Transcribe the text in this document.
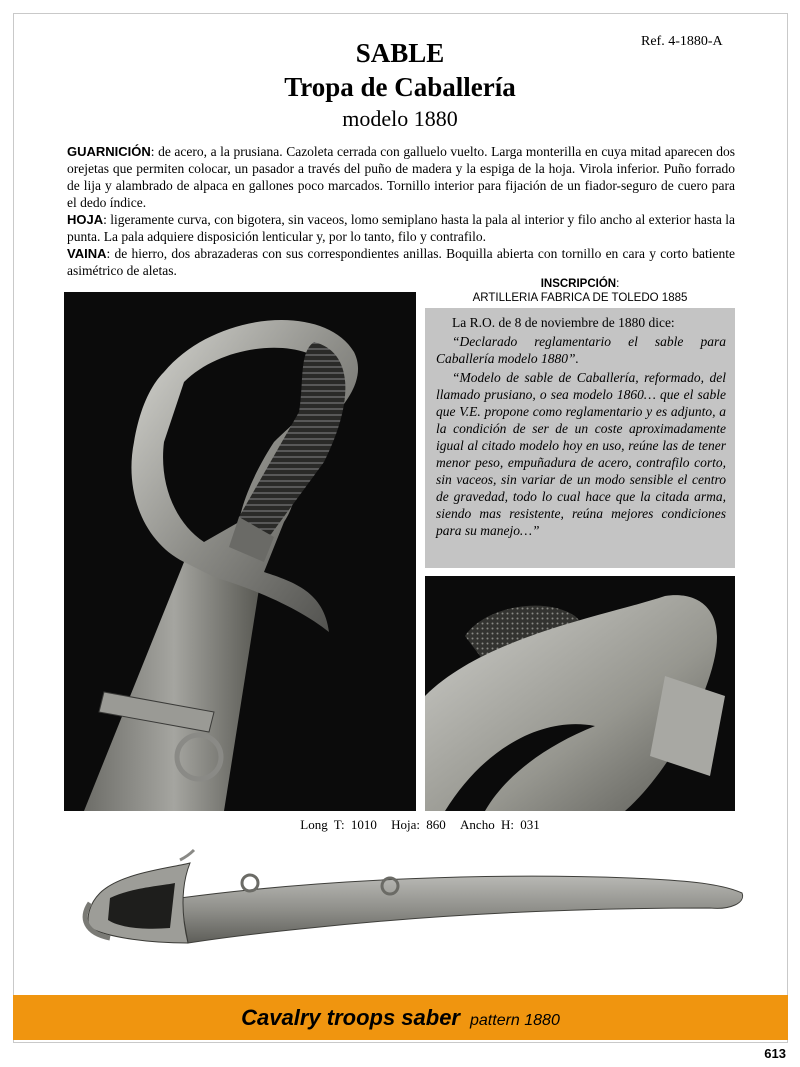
Ref. 4-1880-A
SABLE
Tropa de Caballería
modelo 1880

GUARNICIÓN: de acero, a la prusiana. Cazoleta cerrada con galluelo vuelto. Larga monterilla en cuya mitad aparecen dos orejetas que permiten colocar, un pasador a través del puño de madera y la espiga de la hoja. Virola inferior. Puño forrado de lija y alambrado de alpaca en gallones poco marcados. Tornillo interior para fijación de un fiador-seguro de cuero para el dedo índice.

HOJA: ligeramente curva, con bigotera, sin vaceos, lomo semiplano hasta la pala al interior y filo ancho al exterior hasta la punta. La pala adquiere disposición lenticular y, por lo tanto, filo y contrafilo.

VAINA: de hierro, dos abrazaderas con sus correspondientes anillas. Boquilla abierta con tornillo en cara y corto batiente asimétrico de aletas.

INSCRIPCIÓN:
ARTILLERIA FABRICA DE TOLEDO 1885
La R.O. de 8 de noviembre de 1880 dice:

“Declarado reglamentario el sable para Caballería modelo 1880”.

“Modelo de sable de Caballería, reformado, del llamado prusiano, o sea modelo 1860… que el sable que V.E. propone como reglamentario y es adjunto, a la condición de ser de un coste aproximadamente igual al citado modelo hoy en uso, reúne las de tener menor peso, empuñadura de acero, contrafilo corto, sin vaceos, sin variar de un modo sensible el centro de gravedad, todo lo cual hace que la citada arma, siendo mas resistente, reúna mejores condiciones para su manejo…”

Long T: 1010 Hoja: 860 Ancho H: 031
Cavalry troops saber pattern 1880
613
